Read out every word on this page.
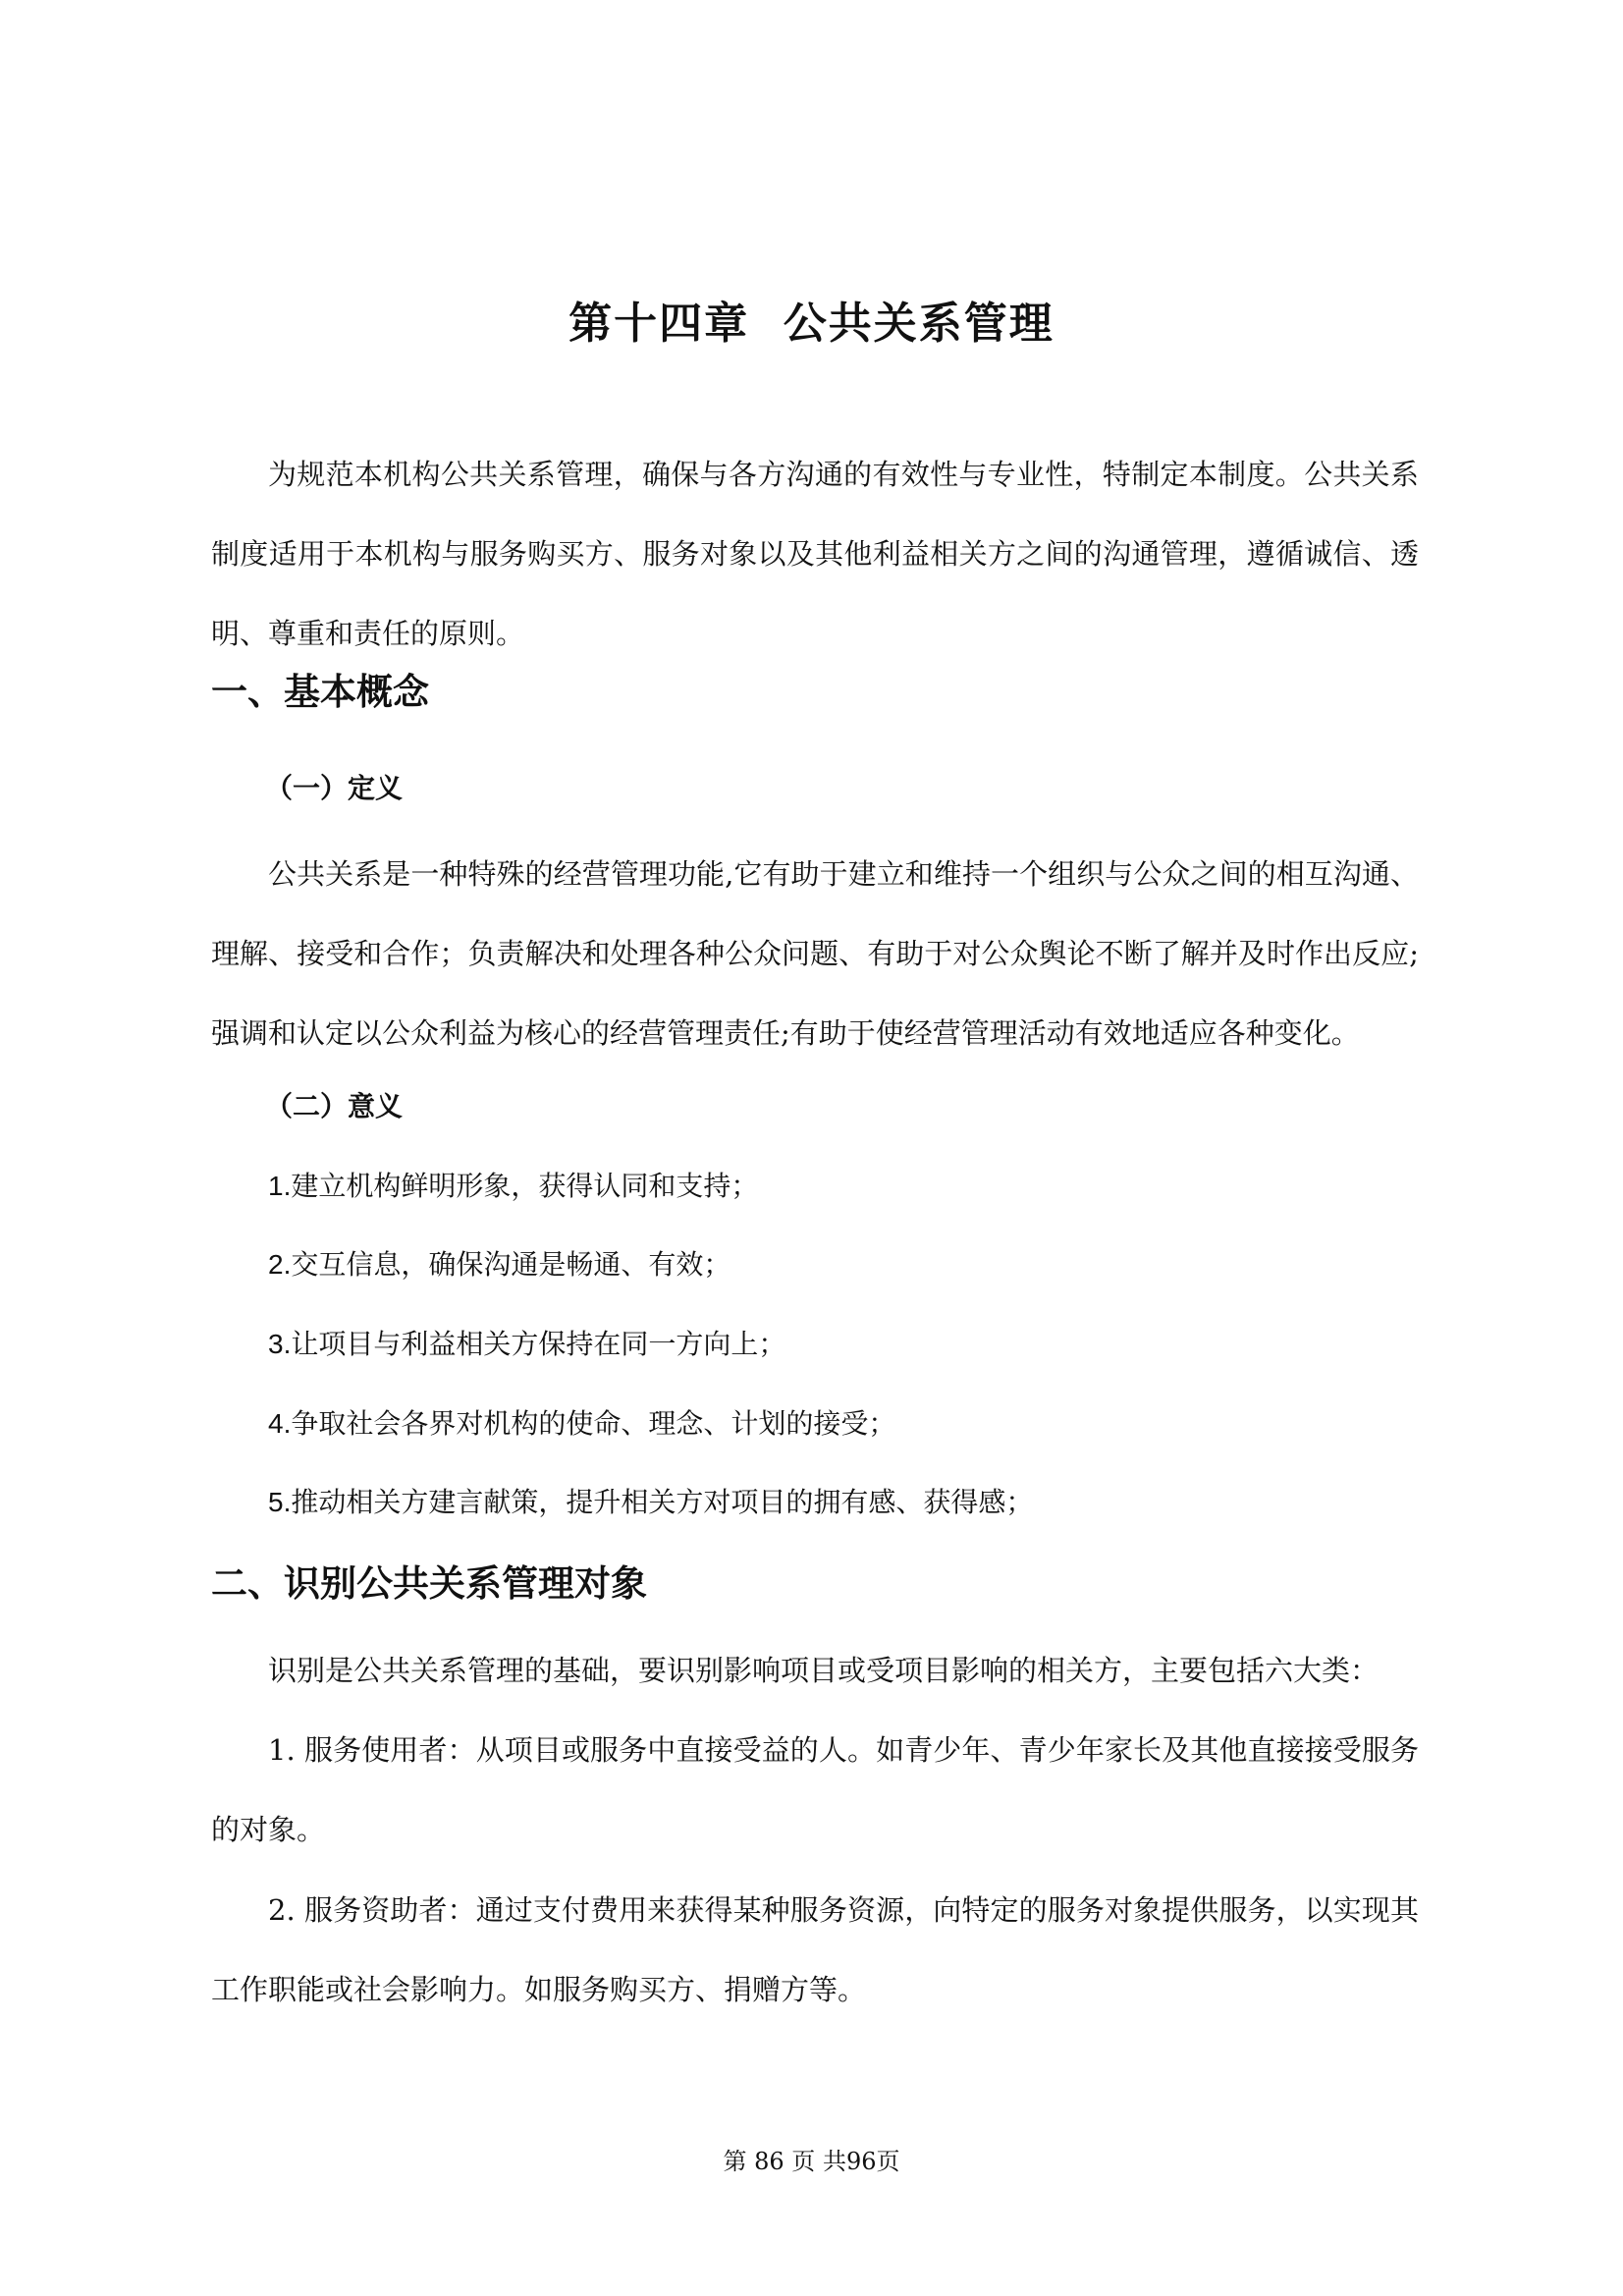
第十四章  公共关系管理

为规范本机构公共关系管理，确保与各方沟通的有效性与专业性，特制定本制度。公共关系制度适用于本机构与服务购买方、服务对象以及其他利益相关方之间的沟通管理，遵循诚信、透明、尊重和责任的原则。

一、基本概念
（一）定义

公共关系是一种特殊的经营管理功能,它有助于建立和维持一个组织与公众之间的相互沟通、理解、接受和合作；负责解决和处理各种公众问题、有助于对公众舆论不断了解并及时作出反应;强调和认定以公众利益为核心的经营管理责任;有助于使经营管理活动有效地适应各种变化。

（二）意义

1.建立机构鲜明形象，获得认同和支持；

2.交互信息，确保沟通是畅通、有效；

3.让项目与利益相关方保持在同一方向上；

4.争取社会各界对机构的使命、理念、计划的接受；

5.推动相关方建言献策，提升相关方对项目的拥有感、获得感；

二、识别公共关系管理对象

识别是公共关系管理的基础，要识别影响项目或受项目影响的相关方，主要包括六大类：

1. 服务使用者：从项目或服务中直接受益的人。如青少年、青少年家长及其他直接接受服务的对象。

2. 服务资助者：通过支付费用来获得某种服务资源，向特定的服务对象提供服务，以实现其工作职能或社会影响力。如服务购买方、捐赠方等。

第 86 页 共96页
